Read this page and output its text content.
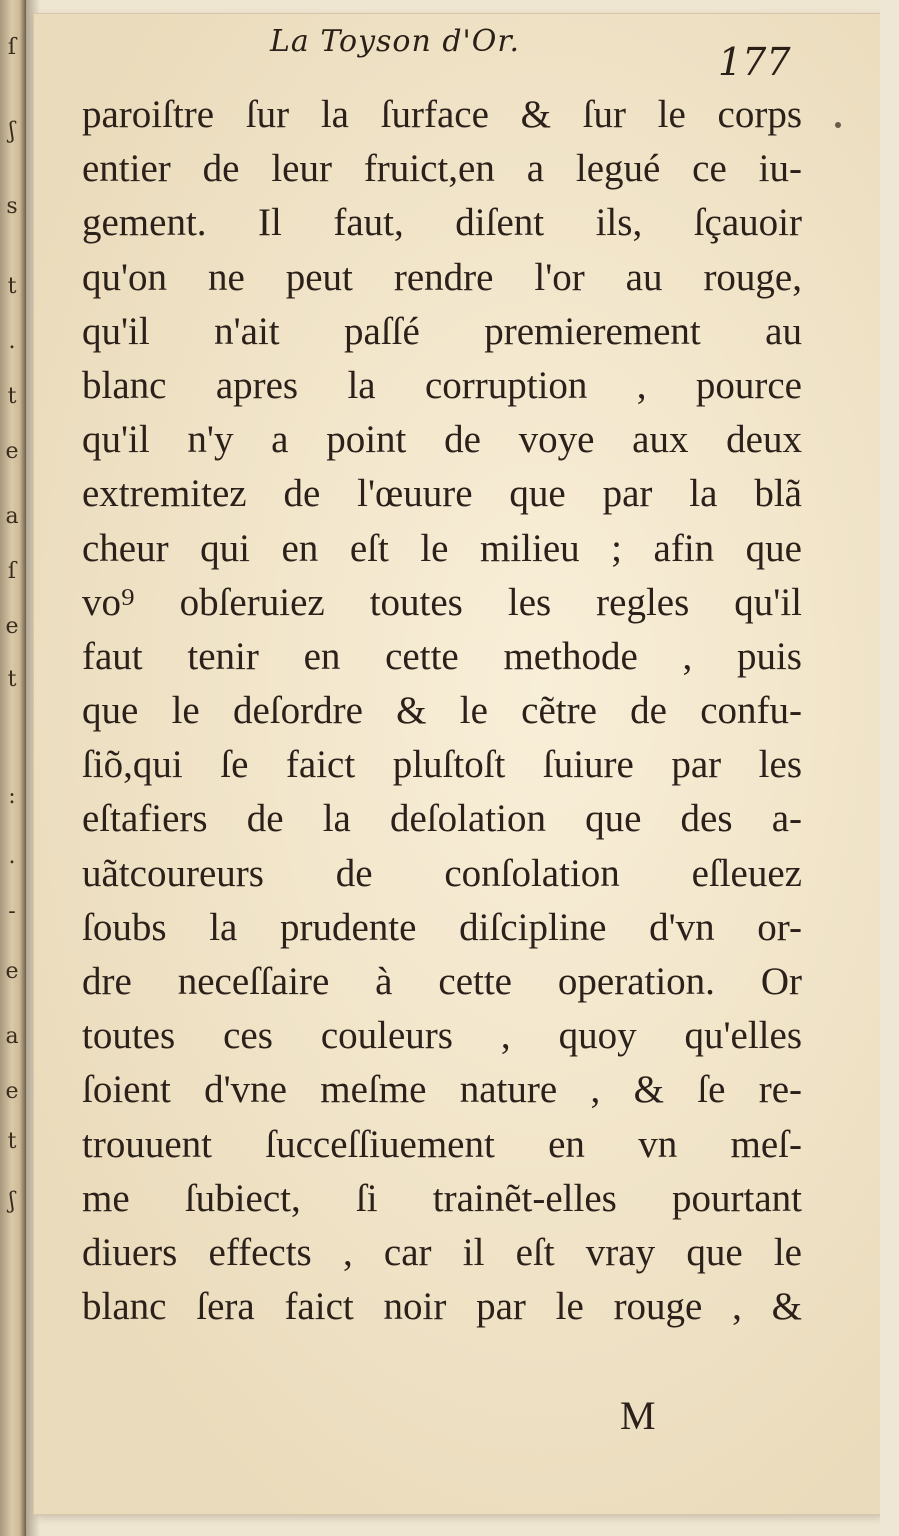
ſ
ʃ
s
t
.
t
e
a
ſ
e
t
:
.
-
e
a
e
t
ʃ
La Toyson d'Or.	177
paroiſtre ſur la ſurface & ſur le corps
entier de leur fruict,en a legué ce iu-
gement. Il faut, diſent ils, ſçauoir
qu'on ne peut rendre l'or au rouge,
qu'il n'ait paſſé premierement au
blanc apres la corruption , pource
qu'il n'y a point de voye aux deux
extremitez de l'œuure que par la blã
cheur qui en eſt le milieu ; afin que
vo⁹ obſeruiez toutes les regles qu'il
faut tenir en cette methode , puis
que le deſordre & le cẽtre de confu-
ſiõ,qui ſe faict pluſtoſt ſuiure par les
eſtafiers de la deſolation que des a-
uãtcoureurs de conſolation eſleuez
ſoubs la prudente diſcipline d'vn or-
dre neceſſaire à cette operation. Or
toutes ces couleurs , quoy qu'elles
ſoient d'vne meſme nature , & ſe re-
trouuent ſucceſſiuement en vn meſ-
me ſubiect, ſi trainẽt-elles pourtant
diuers effects , car il eſt vray que le
blanc ſera faict noir par le rouge , &
M
